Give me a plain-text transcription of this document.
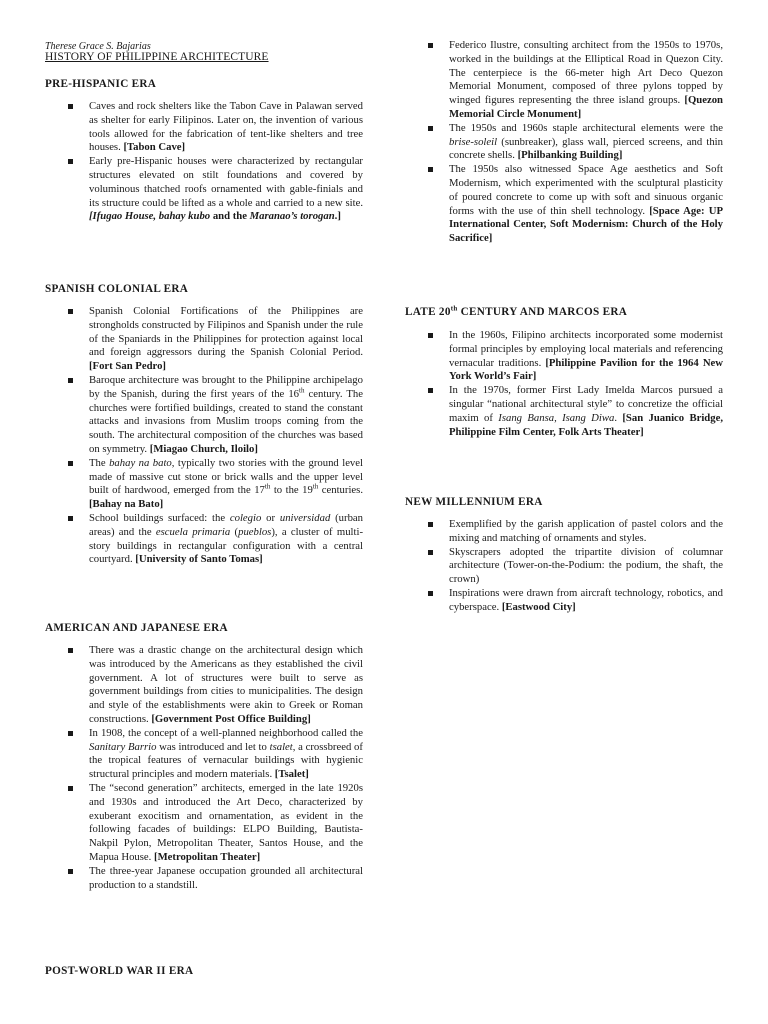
Therese Grace S. Bajarias
HISTORY OF PHILIPPINE ARCHITECTURE
PRE-HISPANIC ERA
Caves and rock shelters like the Tabon Cave in Palawan served as shelter for early Filipinos. Later on, the invention of various tools allowed for the fabrication of tent-like shelters and tree houses. [Tabon Cave]
Early pre-Hispanic houses were characterized by rectangular structures elevated on stilt foundations and covered by voluminous thatched roofs ornamented with gable-finials and its structure could be lifted as a whole and carried to a new site. [Ifugao House, bahay kubo and the Maranao’s torogan.]
SPANISH COLONIAL ERA
Spanish Colonial Fortifications of the Philippines are strongholds constructed by Filipinos and Spanish under the rule of the Spaniards in the Philippines for protection against local and foreign aggressors during the Spanish Colonial Period. [Fort San Pedro]
Baroque architecture was brought to the Philippine archipelago by the Spanish, during the first years of the 16th century. The churches were fortified buildings, created to stand the constant attacks and invasions from Muslim troops coming from the south. The architectural composition of the churches was based on symmetry. [Miagao Church, Iloilo]
The bahay na bato, typically two stories with the ground level made of massive cut stone or brick walls and the upper level built of hardwood, emerged from the 17th to the 19th centuries. [Bahay na Bato]
School buildings surfaced: the colegio or universidad (urban areas) and the escuela primaria (pueblos), a cluster of multi-story buildings in rectangular configuration with a central courtyard. [University of Santo Tomas]
AMERICAN AND JAPANESE ERA
There was a drastic change on the architectural design which was introduced by the Americans as they established the civil government. A lot of structures were built to serve as government buildings from cities to municipalities. The design and style of the establishments were akin to Greek or Roman constructions. [Government Post Office Building]
In 1908, the concept of a well-planned neighborhood called the Sanitary Barrio was introduced and let to tsalet, a crossbreed of the tropical features of vernacular buildings with hygienic structural principles and modern materials. [Tsalet]
The “second generation” architects, emerged in the late 1920s and 1930s and introduced the Art Deco, characterized by exuberant exocitism and ornamentation, as evident in the following facades of buildings: ELPO Building, Bautista-Nakpil Pylon, Metropolitan Theater, Santos House, and the Mapua House. [Metropolitan Theater]
The three-year Japanese occupation grounded all architectural production to a standstill.
POST-WORLD WAR II ERA
Federico Ilustre, consulting architect from the 1950s to 1970s, worked in the buildings at the Elliptical Road in Quezon City. The centerpiece is the 66-meter high Art Deco Quezon Memorial Monument, composed of three pylons topped by winged figures representing the three island groups. [Quezon Memorial Circle Monument]
The 1950s and 1960s staple architectural elements were the brise-soleil (sunbreaker), glass wall, pierced screens, and thin concrete shells. [Philbanking Building]
The 1950s also witnessed Space Age aesthetics and Soft Modernism, which experimented with the sculptural plasticity of poured concrete to come up with soft and sinuous organic forms with the use of thin shell technology. [Space Age: UP International Center, Soft Modernism: Church of the Holy Sacrifice]
LATE 20th CENTURY AND MARCOS ERA
In the 1960s, Filipino architects incorporated some modernist formal principles by employing local materials and referencing vernacular traditions. [Philippine Pavilion for the 1964 New York World’s Fair]
In the 1970s, former First Lady Imelda Marcos pursued a singular “national architectural style” to concretize the official maxim of Isang Bansa, Isang Diwa. [San Juanico Bridge, Philippine Film Center, Folk Arts Theater]
NEW MILLENNIUM ERA
Exemplified by the garish application of pastel colors and the mixing and matching of ornaments and styles.
Skyscrapers adopted the tripartite division of columnar architecture (Tower-on-the-Podium: the podium, the shaft, the crown)
Inspirations were drawn from aircraft technology, robotics, and cyberspace. [Eastwood City]
